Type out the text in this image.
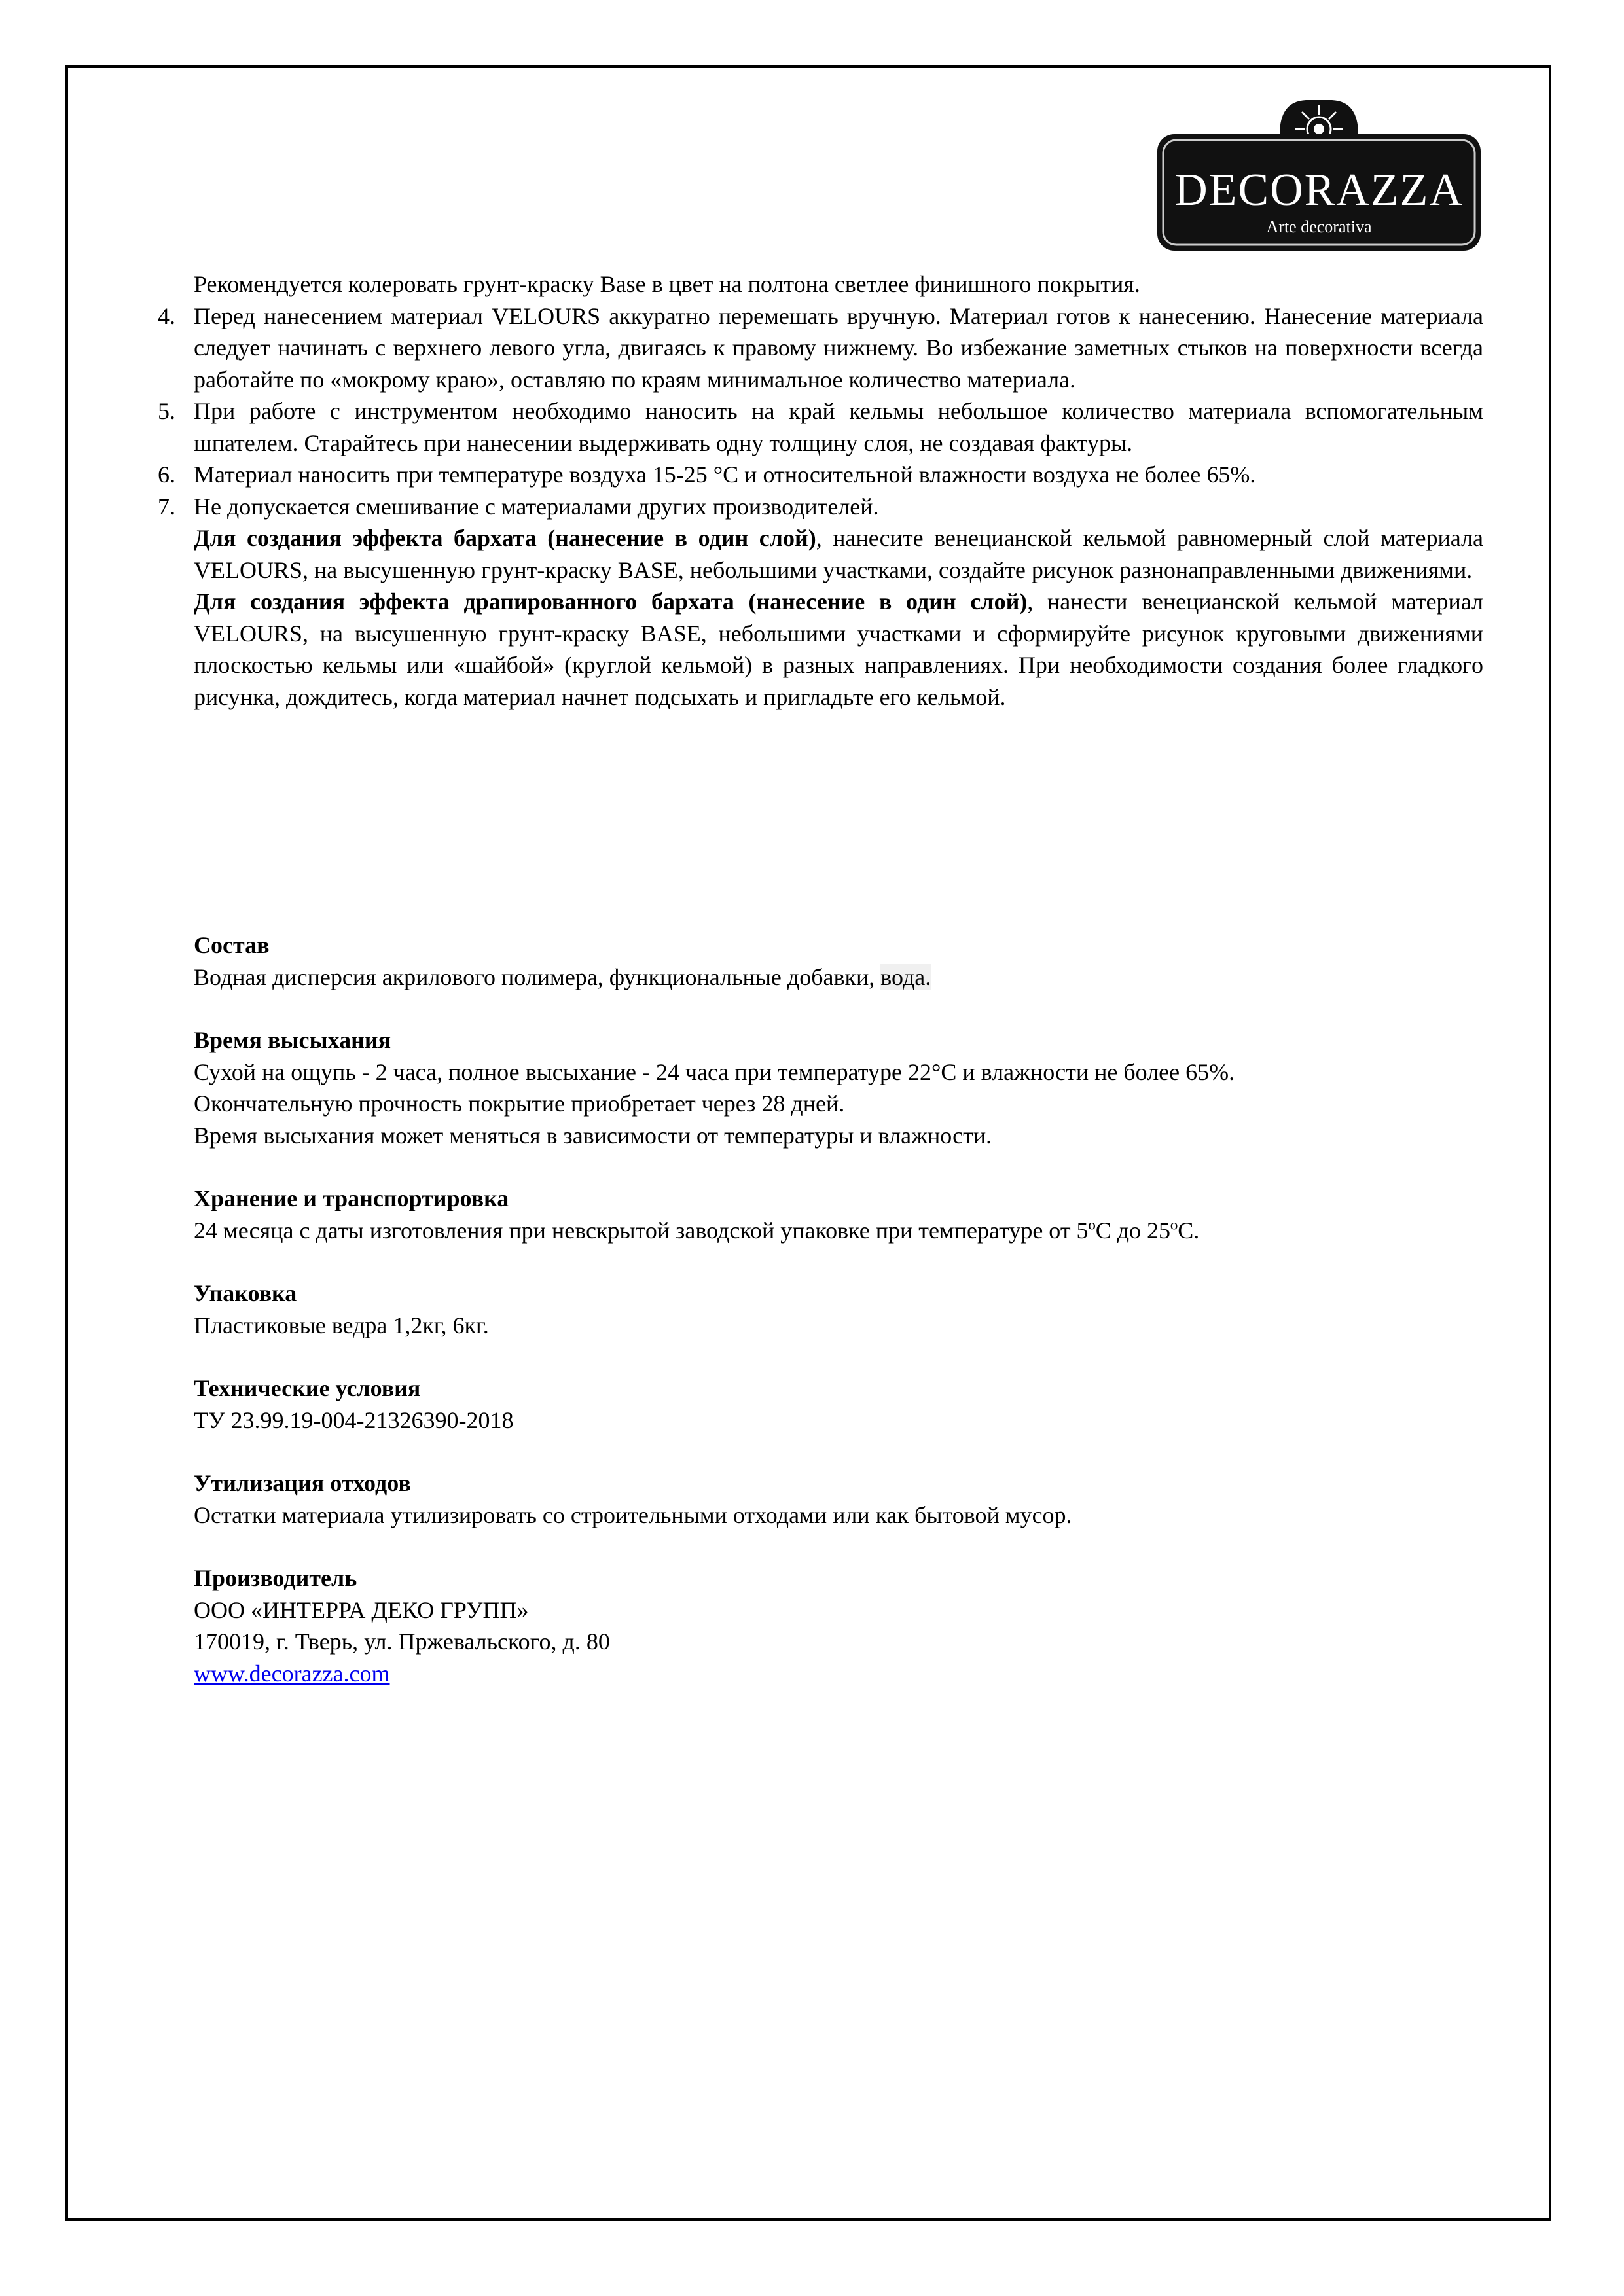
DECORAZZA
Arte decorativa

Рекомендуется колеровать грунт-краску Base в цвет на полтона светлее финишного покрытия.

4. Перед нанесением материал VELOURS аккуратно перемешать вручную. Материал готов к нанесению. Нанесение материала следует начинать с верхнего левого угла, двигаясь к правому нижнему. Во избежание заметных стыков на поверхности всегда работайте по «мокрому краю», оставляю по краям минимальное количество материала.
5. При работе с инструментом необходимо наносить на край кельмы небольшое количество материала вспомогательным шпателем. Старайтесь при нанесении выдерживать одну толщину слоя, не создавая фактуры.
6. Материал наносить при температуре воздуха 15-25 °С и относительной влажности воздуха не более 65%.
7. Не допускается смешивание с материалами других производителей.

Для создания эффекта бархата (нанесение в один слой), нанесите венецианской кельмой равномерный слой материала VELOURS, на высушенную грунт-краску BASE, небольшими участками, создайте рисунок разнонаправленными движениями.

Для создания эффекта драпированного бархата (нанесение в один слой), нанести венецианской кельмой материал VELOURS, на высушенную грунт-краску BASE, небольшими участками и сформируйте рисунок круговыми движениями плоскостью кельмы или «шайбой» (круглой кельмой) в разных направлениях. При необходимости создания более гладкого рисунка, дождитесь, когда материал начнет подсыхать и пригладьте его кельмой.

Состав

Водная дисперсия акрилового полимера, функциональные добавки, вода.

Время высыхания

Сухой на ощупь - 2 часа, полное высыхание - 24 часа при температуре 22°С и влажности не более 65%.

Окончательную прочность покрытие приобретает через 28 дней.

Время высыхания может меняться в зависимости от температуры и влажности.

Хранение и транспортировка

24 месяца с даты изготовления при невскрытой заводской упаковке при температуре от 5ºС до 25ºС.

Упаковка

Пластиковые ведра 1,2кг, 6кг.

Технические условия

ТУ 23.99.19-004-21326390-2018

Утилизация отходов

Остатки материала утилизировать со строительными отходами или как бытовой мусор.

Производитель

ООО «ИНТЕРРА ДЕКО ГРУПП»

170019, г. Тверь, ул. Пржевальского, д. 80

www.decorazza.com
